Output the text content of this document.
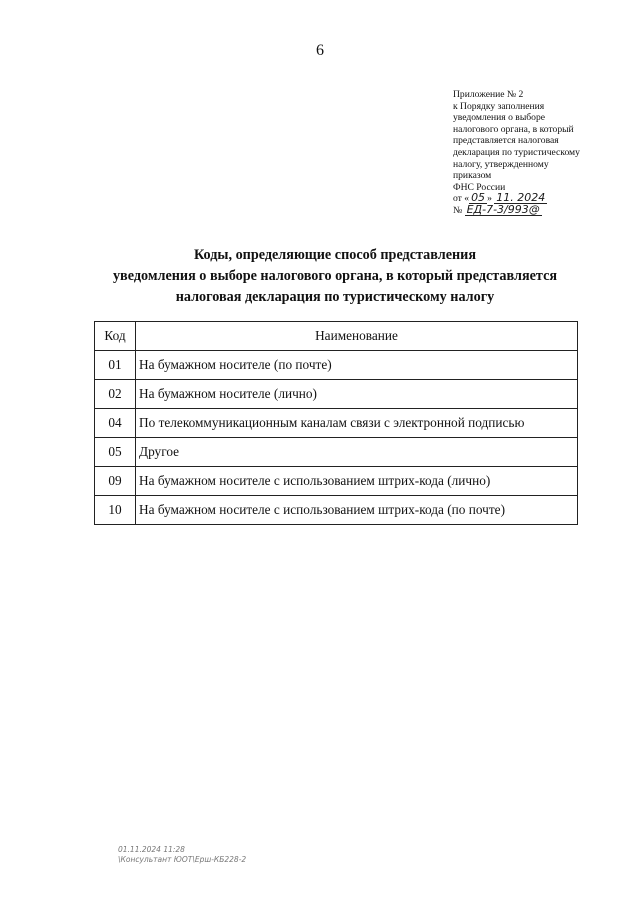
6
Приложение № 2
к Порядку заполнения
уведомления о выборе
налогового органа, в который
представляется налоговая
декларация по туристическому
налогу, утвержденному
приказом
ФНС России
от « 05 » 11. 2024
№ ЕД-7-3/993@
Коды, определяющие способ представления
уведомления о выборе налогового органа, в который представляется
налоговая декларация по туристическому налогу
Код	Наименование
01	На бумажном носителе (по почте)
02	На бумажном носителе (лично)
04	По телекоммуникационным каналам связи с электронной подписью
05	Другое
09	На бумажном носителе с использованием штрих-кода (лично)
10	На бумажном носителе с использованием штрих-кода (по почте)
01.11.2024 11:28
\Консультант ЮОТ\Ерш-КБ228-2
